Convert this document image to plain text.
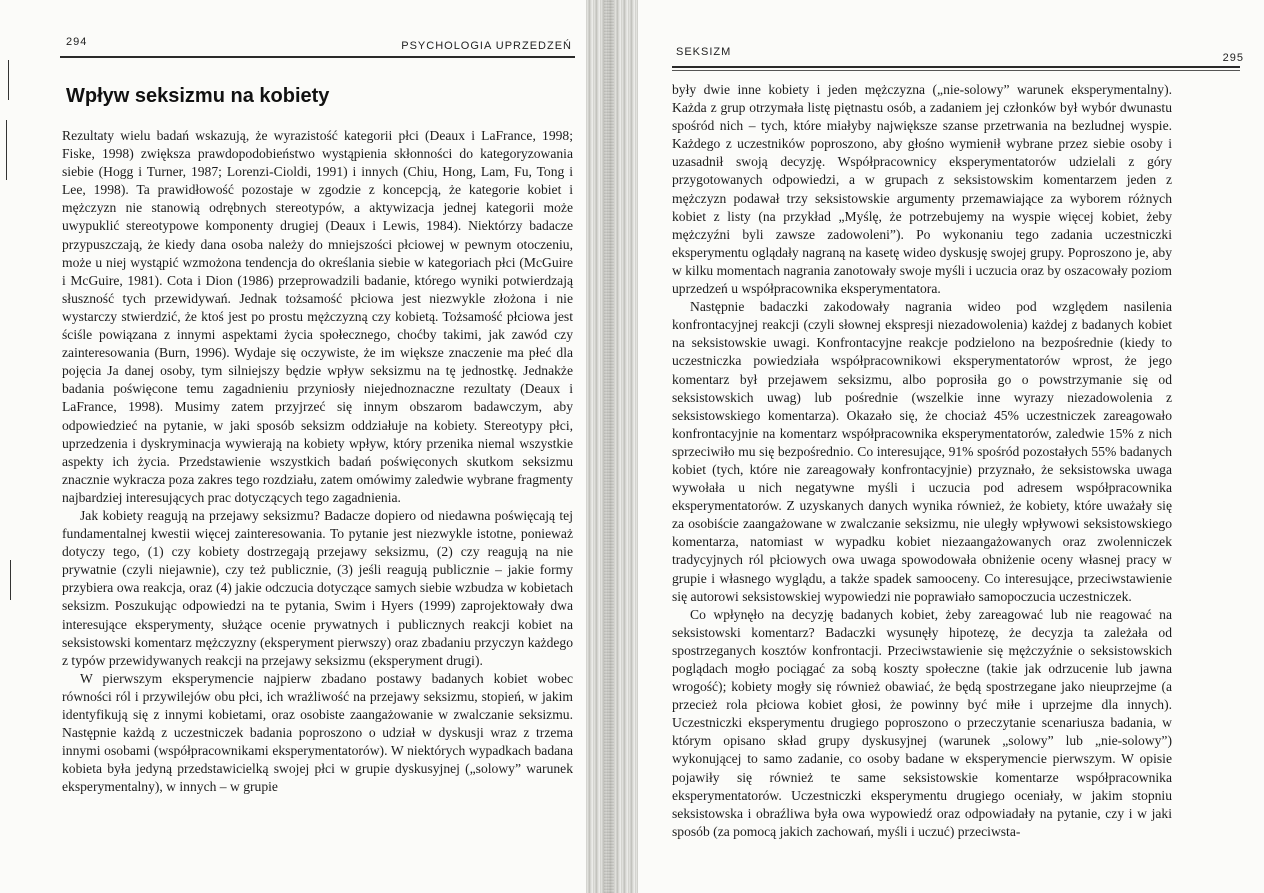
294	PSYCHOLOGIA UPRZEDZEŃ
Wpływ seksizmu na kobiety

Rezultaty wielu badań wskazują, że wyrazistość kategorii płci (Deaux i LaFrance, 1998; Fiske, 1998) zwiększa prawdopodobieństwo wystąpienia skłonności do kategoryzowania siebie (Hogg i Turner, 1987; Lorenzi-Cioldi, 1991) i innych (Chiu, Hong, Lam, Fu, Tong i Lee, 1998). Ta prawidłowość pozostaje w zgodzie z koncepcją, że kategorie kobiet i mężczyzn nie stanowią odrębnych stereotypów, a aktywizacja jednej kategorii może uwypuklić stereotypowe komponenty drugiej (Deaux i Lewis, 1984). Niektórzy badacze przypuszczają, że kiedy dana osoba należy do mniejszości płciowej w pewnym otoczeniu, może u niej wystąpić wzmożona tendencja do określania siebie w kategoriach płci (McGuire i McGuire, 1981). Cota i Dion (1986) przeprowadzili badanie, którego wyniki potwierdzają słuszność tych przewidywań. Jednak tożsamość płciowa jest niezwykle złożona i nie wystarczy stwierdzić, że ktoś jest po prostu mężczyzną czy kobietą. Tożsamość płciowa jest ściśle powiązana z innymi aspektami życia społecznego, choćby takimi, jak zawód czy zainteresowania (Burn, 1996). Wydaje się oczywiste, że im większe znaczenie ma płeć dla pojęcia Ja danej osoby, tym silniejszy będzie wpływ seksizmu na tę jednostkę. Jednakże badania poświęcone temu zagadnieniu przyniosły niejednoznaczne rezultaty (Deaux i LaFrance, 1998). Musimy zatem przyjrzeć się innym obszarom badawczym, aby odpowiedzieć na pytanie, w jaki sposób seksizm oddziałuje na kobiety. Stereotypy płci, uprzedzenia i dyskryminacja wywierają na kobiety wpływ, który przenika niemal wszystkie aspekty ich życia. Przedstawienie wszystkich badań poświęconych skutkom seksizmu znacznie wykracza poza zakres tego rozdziału, zatem omówimy zaledwie wybrane fragmenty najbardziej interesujących prac dotyczących tego zagadnienia.

Jak kobiety reagują na przejawy seksizmu? Badacze dopiero od niedawna poświęcają tej fundamentalnej kwestii więcej zainteresowania. To pytanie jest niezwykle istotne, ponieważ dotyczy tego, (1) czy kobiety dostrzegają przejawy seksizmu, (2) czy reagują na nie prywatnie (czyli niejawnie), czy też publicznie, (3) jeśli reagują publicznie – jakie formy przybiera owa reakcja, oraz (4) jakie odczucia dotyczące samych siebie wzbudza w kobietach seksizm. Poszukując odpowiedzi na te pytania, Swim i Hyers (1999) zaprojektowały dwa interesujące eksperymenty, służące ocenie prywatnych i publicznych reakcji kobiet na seksistowski komentarz mężczyzny (eksperyment pierwszy) oraz zbadaniu przyczyn każdego z typów przewidywanych reakcji na przejawy seksizmu (eksperyment drugi).

W pierwszym eksperymencie najpierw zbadano postawy badanych kobiet wobec równości ról i przywilejów obu płci, ich wrażliwość na przejawy seksizmu, stopień, w jakim identyfikują się z innymi kobietami, oraz osobiste zaangażowanie w zwalczanie seksizmu. Następnie każdą z uczestniczek badania poproszono o udział w dyskusji wraz z trzema innymi osobami (współpracownikami eksperymentatorów). W niektórych wypadkach badana kobieta była jedyną przedstawicielką swojej płci w grupie dyskusyjnej („solowy” warunek eksperymentalny), w innych – w grupie

SEKSIZM	295

były dwie inne kobiety i jeden mężczyzna („nie-solowy” warunek eksperymentalny). Każda z grup otrzymała listę piętnastu osób, a zadaniem jej członków był wybór dwunastu spośród nich – tych, które miałyby największe szanse przetrwania na bezludnej wyspie. Każdego z uczestników poproszono, aby głośno wymienił wybrane przez siebie osoby i uzasadnił swoją decyzję. Współpracownicy eksperymentatorów udzielali z góry przygotowanych odpowiedzi, a w grupach z seksistowskim komentarzem jeden z mężczyzn podawał trzy seksistowskie argumenty przemawiające za wyborem różnych kobiet z listy (na przykład „Myślę, że potrzebujemy na wyspie więcej kobiet, żeby mężczyźni byli zawsze zadowoleni”). Po wykonaniu tego zadania uczestniczki eksperymentu oglądały nagraną na kasetę wideo dyskusję swojej grupy. Poproszono je, aby w kilku momentach nagrania zanotowały swoje myśli i uczucia oraz by oszacowały poziom uprzedzeń u współpracownika eksperymentatora.

Następnie badaczki zakodowały nagrania wideo pod względem nasilenia konfrontacyjnej reakcji (czyli słownej ekspresji niezadowolenia) każdej z badanych kobiet na seksistowskie uwagi. Konfrontacyjne reakcje podzielono na bezpośrednie (kiedy to uczestniczka powiedziała współpracownikowi eksperymentatorów wprost, że jego komentarz był przejawem seksizmu, albo poprosiła go o powstrzymanie się od seksistowskich uwag) lub pośrednie (wszelkie inne wyrazy niezadowolenia z seksistowskiego komentarza). Okazało się, że chociaż 45% uczestniczek zareagowało konfrontacyjnie na komentarz współpracownika eksperymentatorów, zaledwie 15% z nich sprzeciwiło mu się bezpośrednio. Co interesujące, 91% spośród pozostałych 55% badanych kobiet (tych, które nie zareagowały konfrontacyjnie) przyznało, że seksistowska uwaga wywołała u nich negatywne myśli i uczucia pod adresem współpracownika eksperymentatorów. Z uzyskanych danych wynika również, że kobiety, które uważały się za osobiście zaangażowane w zwalczanie seksizmu, nie uległy wpływowi seksistowskiego komentarza, natomiast w wypadku kobiet niezaangażowanych oraz zwolenniczek tradycyjnych ról płciowych owa uwaga spowodowała obniżenie oceny własnej pracy w grupie i własnego wyglądu, a także spadek samooceny. Co interesujące, przeciwstawienie się autorowi seksistowskiej wypowiedzi nie poprawiało samopoczucia uczestniczek.

Co wpłynęło na decyzję badanych kobiet, żeby zareagować lub nie reagować na seksistowski komentarz? Badaczki wysunęły hipotezę, że decyzja ta zależała od spostrzeganych kosztów konfrontacji. Przeciwstawienie się mężczyźnie o seksistowskich poglądach mogło pociągać za sobą koszty społeczne (takie jak odrzucenie lub jawna wrogość); kobiety mogły się również obawiać, że będą spostrzegane jako nieuprzejme (a przecież rola płciowa kobiet głosi, że powinny być miłe i uprzejme dla innych). Uczestniczki eksperymentu drugiego poproszono o przeczytanie scenariusza badania, w którym opisano skład grupy dyskusyjnej (warunek „solowy” lub „nie-solowy”) wykonującej to samo zadanie, co osoby badane w eksperymencie pierwszym. W opisie pojawiły się również te same seksistowskie komentarze współpracownika eksperymentatorów. Uczestniczki eksperymentu drugiego oceniały, w jakim stopniu seksistowska i obraźliwa była owa wypowiedź oraz odpowiadały na pytanie, czy i w jaki sposób (za pomocą jakich zachowań, myśli i uczuć) przeciwsta-
